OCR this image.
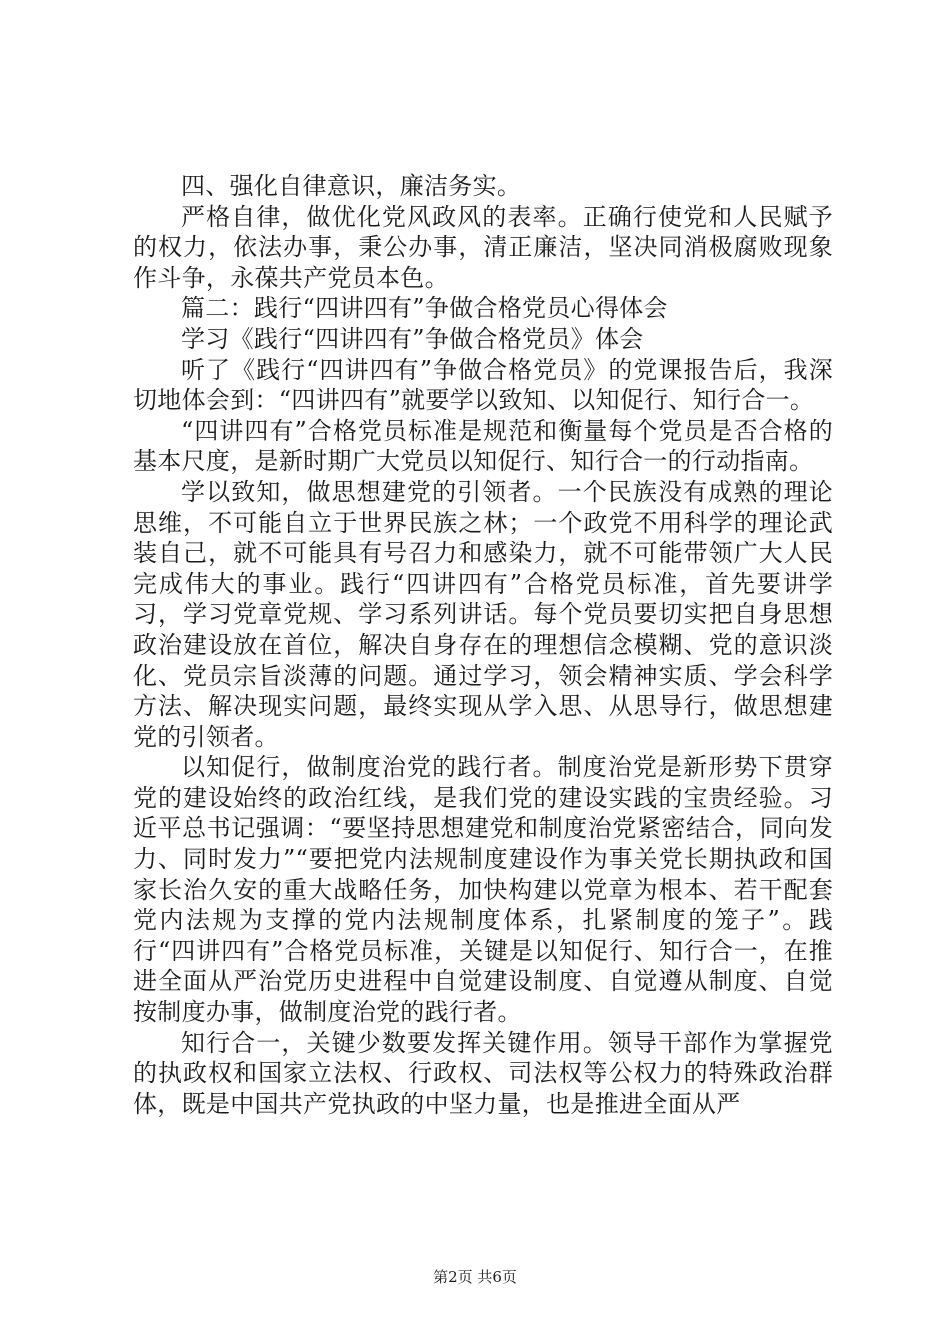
四、强化自律意识，廉洁务实。

严格自律，做优化党风政风的表率。正确行使党和人民赋予的权力，依法办事，秉公办事，清正廉洁，坚决同消极腐败现象作斗争，永葆共产党员本色。

篇二：践行“四讲四有”争做合格党员心得体会

学习《践行“四讲四有”争做合格党员》体会

听了《践行“四讲四有”争做合格党员》的党课报告后，我深切地体会到：“四讲四有”就要学以致知、以知促行、知行合一。

“四讲四有”合格党员标准是规范和衡量每个党员是否合格的基本尺度，是新时期广大党员以知促行、知行合一的行动指南。

学以致知，做思想建党的引领者。一个民族没有成熟的理论思维，不可能自立于世界民族之林；一个政党不用科学的理论武装自己，就不可能具有号召力和感染力，就不可能带领广大人民完成伟大的事业。践行“四讲四有”合格党员标准，首先要讲学习，学习党章党规、学习系列讲话。每个党员要切实把自身思想政治建设放在首位，解决自身存在的理想信念模糊、党的意识淡化、党员宗旨淡薄的问题。通过学习，领会精神实质、学会科学方法、解决现实问题，最终实现从学入思、从思导行，做思想建党的引领者。

以知促行，做制度治党的践行者。制度治党是新形势下贯穿党的建设始终的政治红线，是我们党的建设实践的宝贵经验。习近平总书记强调：“要坚持思想建党和制度治党紧密结合，同向发力、同时发力”“要把党内法规制度建设作为事关党长期执政和国家长治久安的重大战略任务，加快构建以党章为根本、若干配套党内法规为支撑的党内法规制度体系，扎紧制度的笼子”。践行“四讲四有”合格党员标准，关键是以知促行、知行合一，在推进全面从严治党历史进程中自觉建设制度、自觉遵从制度、自觉按制度办事，做制度治党的践行者。

知行合一，关键少数要发挥关键作用。领导干部作为掌握党的执政权和国家立法权、行政权、司法权等公权力的特殊政治群体，既是中国共产党执政的中坚力量，也是推进全面从严

第2页 共6页
